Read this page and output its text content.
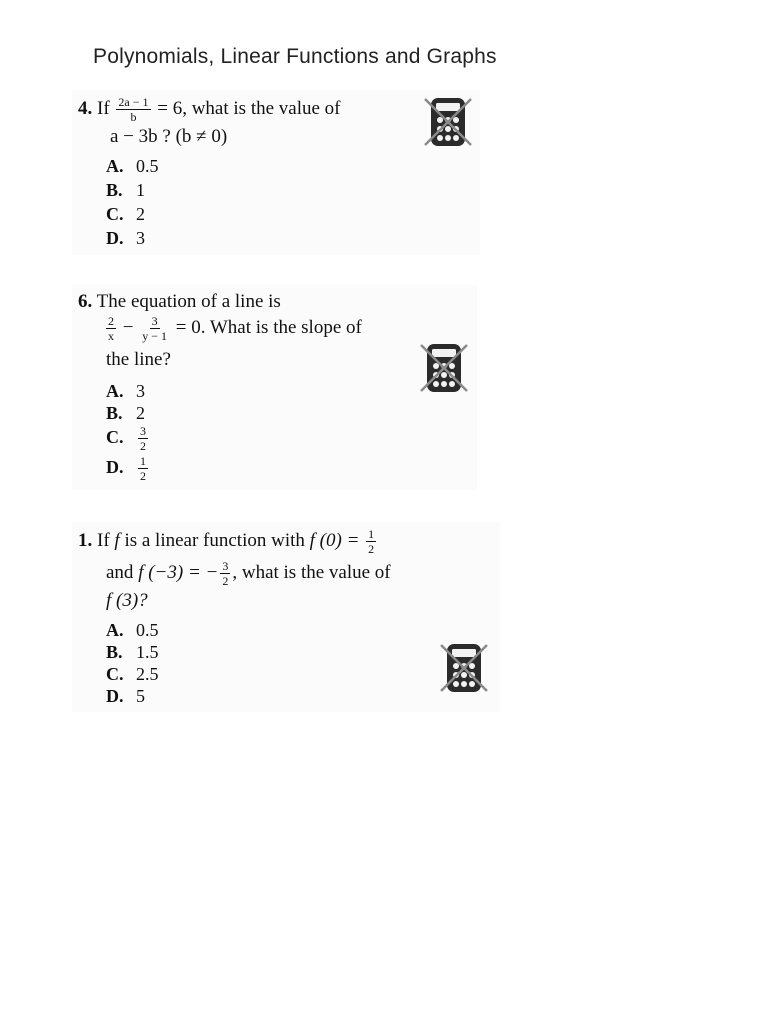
Polynomials, Linear Functions and Graphs
4. If $\frac{2a - 1}{b} = 6$, what is the value of
a − 3b ? (b ≠ 0)
A. 0.5
B. 1
C. 2
D. 3
6. The equation of a line is
$\frac{2}{x} - \frac{3}{y - 1} = 0$. What is the slope of
the line?
A. 3
B. 2
C. $\frac{3}{2}$
D. $\frac{1}{2}$
1. If f is a linear function with f $(0) = \frac{1}{2}$
and f (−3) = − $\frac{3}{2}$ , what is the value of
f (3)?
A. 0.5
B. 1.5
C. 2.5
D. 5
